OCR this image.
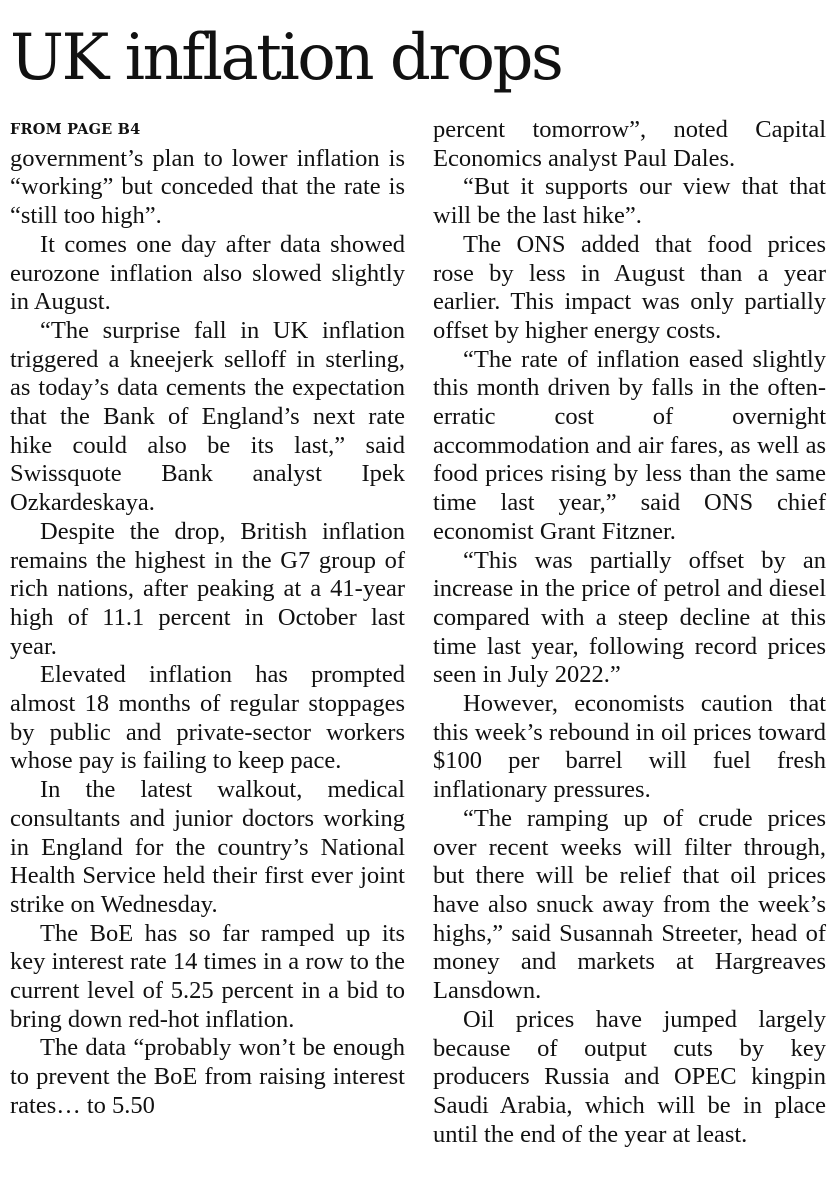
UK inflation drops

FROM PAGE B4

government’s plan to lower inflation is “working” but conceded that the rate is “still too high”.

It comes one day after data showed eurozone inflation also slowed slightly in August.

“The surprise fall in UK inflation triggered a kneejerk selloff in sterling, as today’s data cements the expectation that the Bank of England’s next rate hike could also be its last,” said Swissquote Bank analyst Ipek Ozkardeskaya.

Despite the drop, British inflation remains the highest in the G7 group of rich nations, after peaking at a 41-year high of 11.1 percent in October last year.

Elevated inflation has prompted almost 18 months of regular stoppages by public and private-sector workers whose pay is failing to keep pace.

In the latest walkout, medical consultants and junior doctors working in England for the country’s National Health Service held their first ever joint strike on Wednesday.

The BoE has so far ramped up its key interest rate 14 times in a row to the current level of 5.25 percent in a bid to bring down red-hot inflation.

The data “probably won’t be enough to prevent the BoE from raising interest rates… to 5.50

percent tomorrow”, noted Capital Economics analyst Paul Dales.

“But it supports our view that that will be the last hike”.

The ONS added that food prices rose by less in August than a year earlier. This impact was only partially offset by higher energy costs.

“The rate of inflation eased slightly this month driven by falls in the often-erratic cost of overnight accommodation and air fares, as well as food prices rising by less than the same time last year,” said ONS chief economist Grant Fitzner.

“This was partially offset by an increase in the price of petrol and diesel compared with a steep decline at this time last year, following record prices seen in July 2022.”

However, economists caution that this week’s rebound in oil prices toward $100 per barrel will fuel fresh inflationary pressures.

“The ramping up of crude prices over recent weeks will filter through, but there will be relief that oil prices have also snuck away from the week’s highs,” said Susannah Streeter, head of money and markets at Hargreaves Lansdown.

Oil prices have jumped largely because of output cuts by key producers Russia and OPEC kingpin Saudi Arabia, which will be in place until the end of the year at least.
